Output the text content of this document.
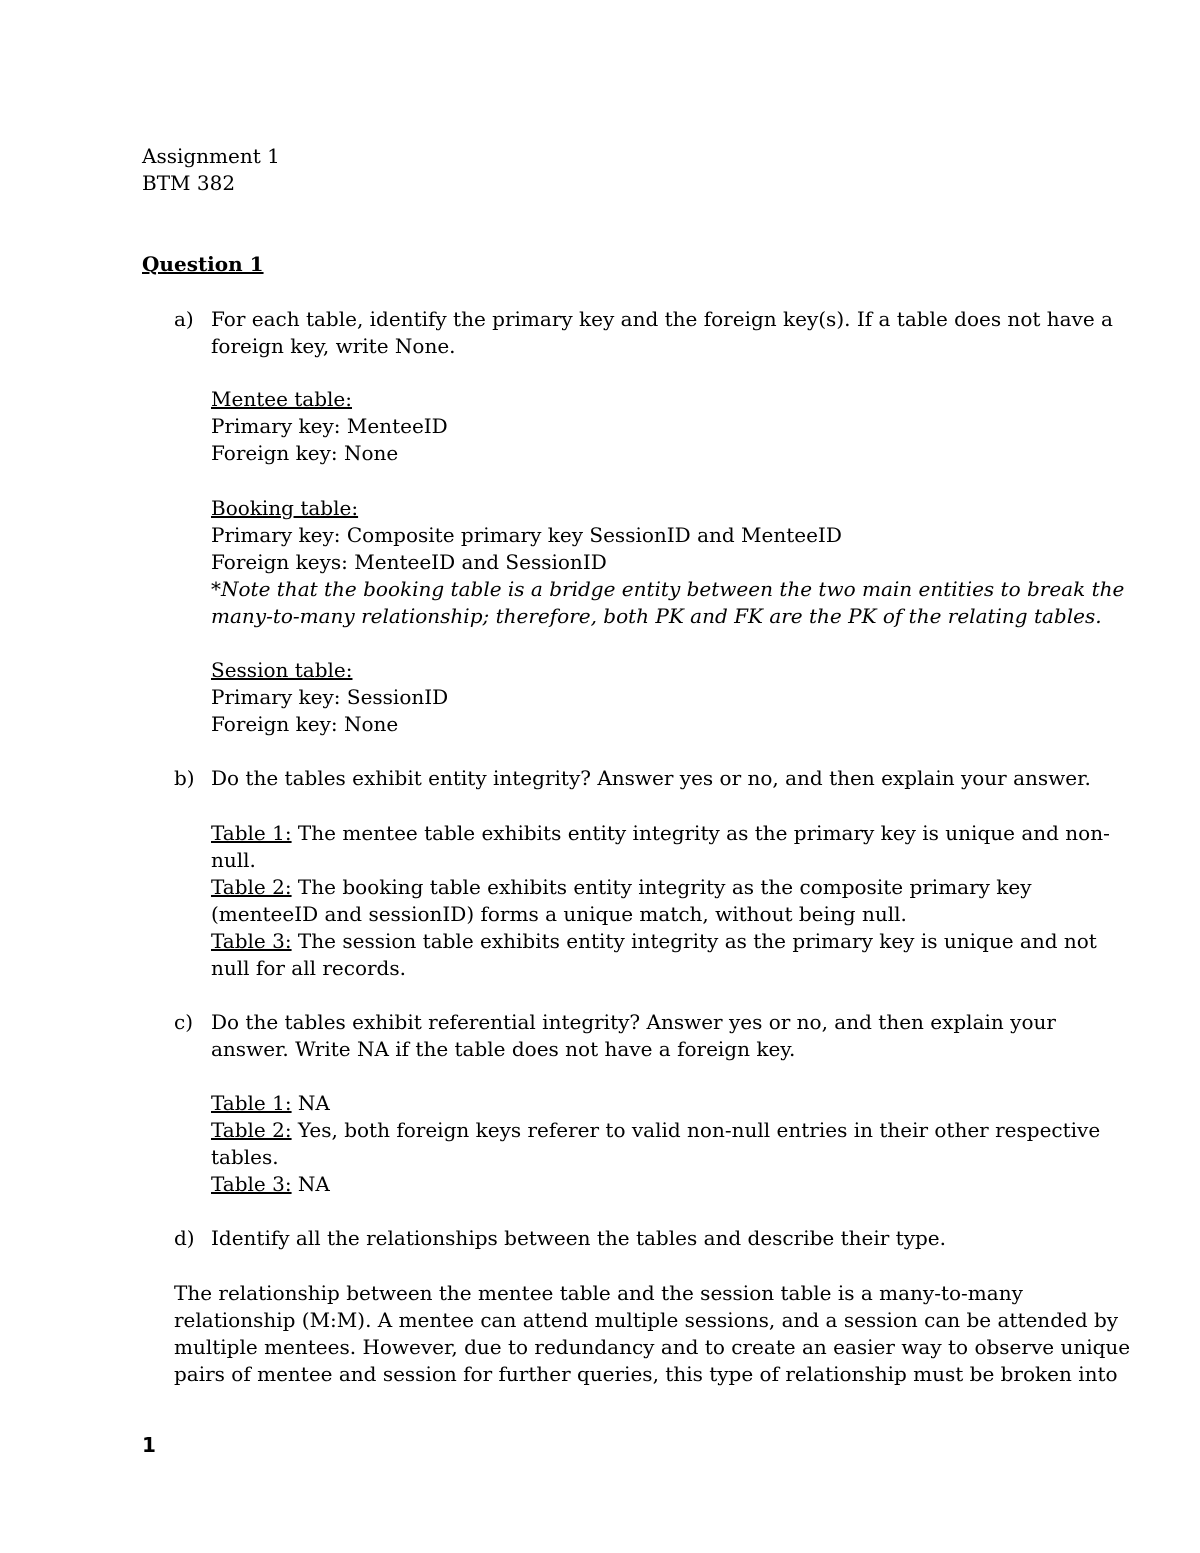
Assignment 1
BTM 382
Question 1
a) For each table, identify the primary key and the foreign key(s). If a table does not have a
foreign key, write None.
Mentee table:
Primary key: MenteeID
Foreign key: None
Booking table:
Primary key: Composite primary key SessionID and MenteeID
Foreign keys: MenteeID and SessionID
*Note that the booking table is a bridge entity between the two main entities to break the
many-to-many relationship; therefore, both PK and FK are the PK of the relating tables.
Session table:
Primary key: SessionID
Foreign key: None
b) Do the tables exhibit entity integrity? Answer yes or no, and then explain your answer.
Table 1: The mentee table exhibits entity integrity as the primary key is unique and non-
null.
Table 2: The booking table exhibits entity integrity as the composite primary key
(menteeID and sessionID) forms a unique match, without being null.
Table 3: The session table exhibits entity integrity as the primary key is unique and not
null for all records.
c) Do the tables exhibit referential integrity? Answer yes or no, and then explain your
answer. Write NA if the table does not have a foreign key.
Table 1: NA
Table 2: Yes, both foreign keys referer to valid non-null entries in their other respective
tables.
Table 3: NA
d) Identify all the relationships between the tables and describe their type.
The relationship between the mentee table and the session table is a many-to-many
relationship (M:M). A mentee can attend multiple sessions, and a session can be attended by
multiple mentees. However, due to redundancy and to create an easier way to observe unique
pairs of mentee and session for further queries, this type of relationship must be broken into
1
